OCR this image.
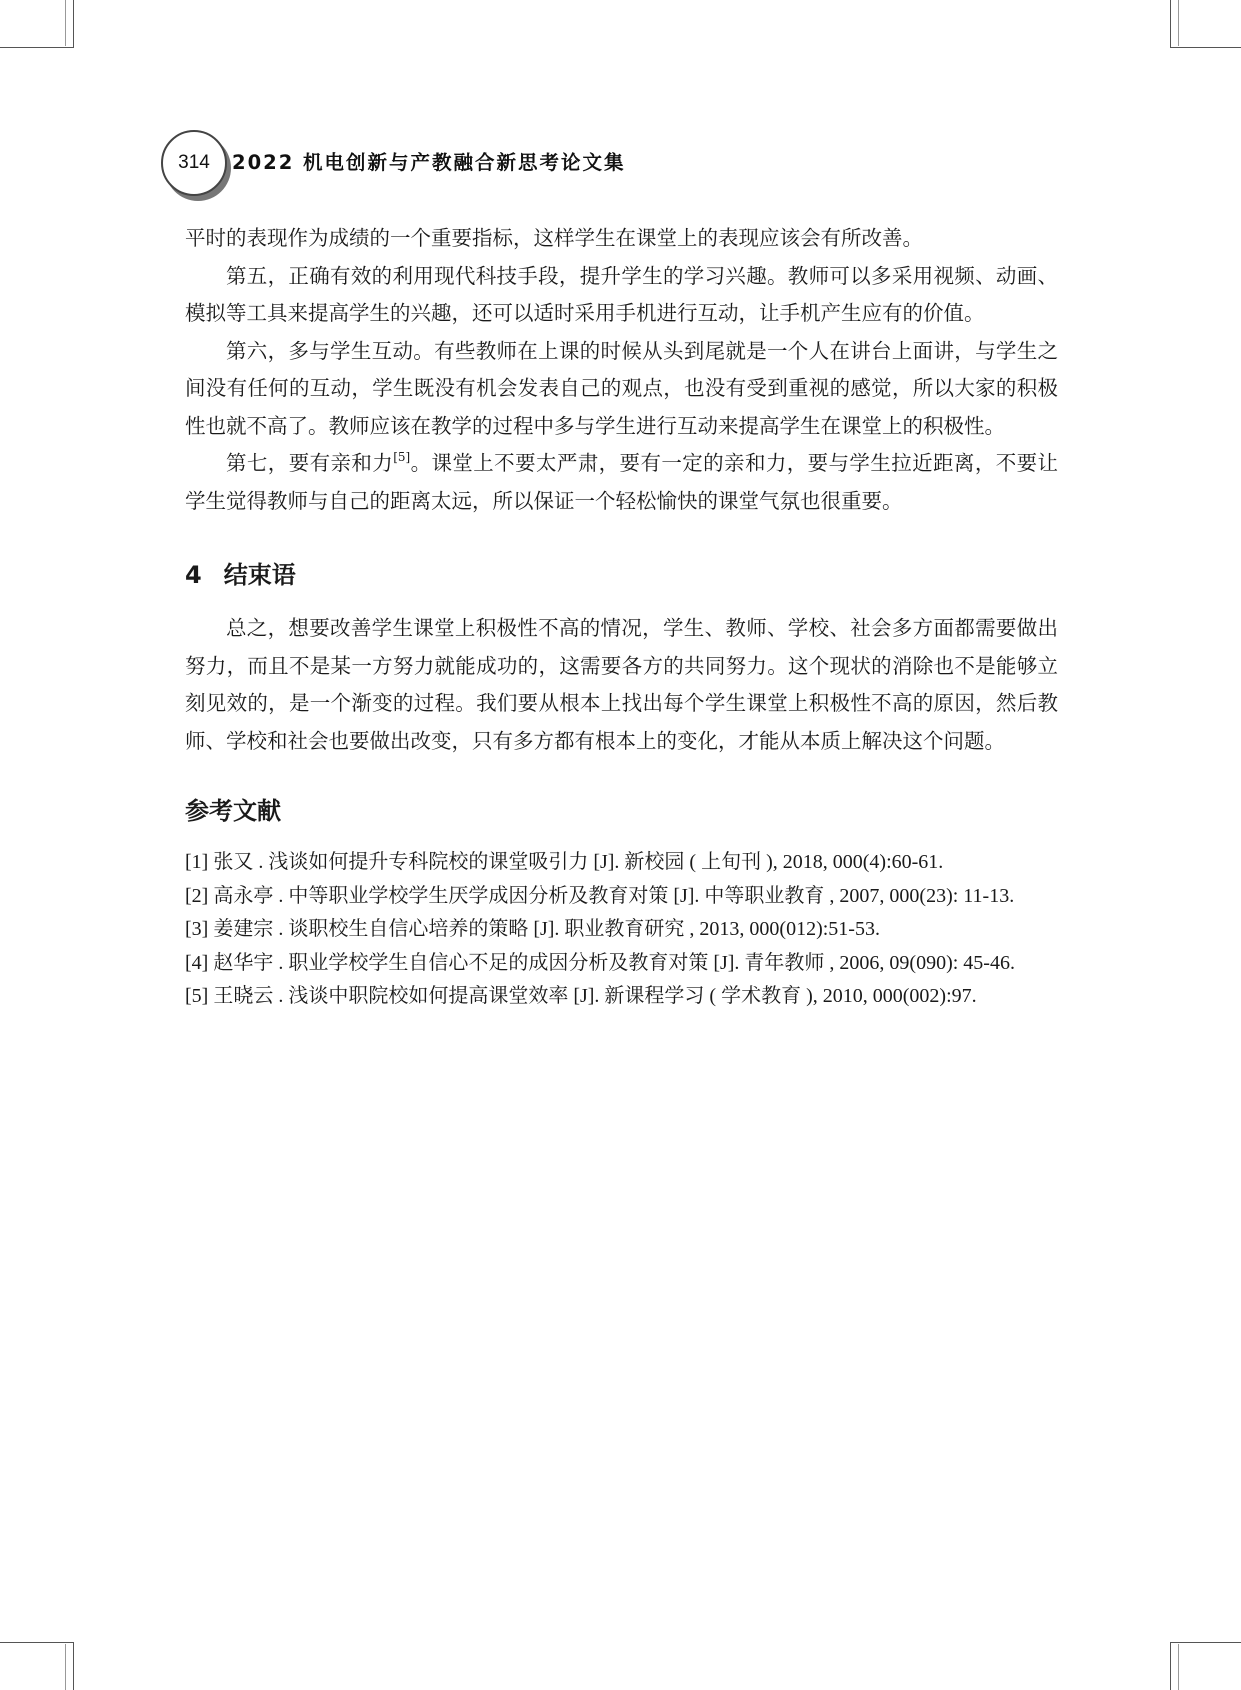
314	2022 机电创新与产教融合新思考论文集

平时的表现作为成绩的一个重要指标，这样学生在课堂上的表现应该会有所改善。

第五，正确有效的利用现代科技手段，提升学生的学习兴趣。教师可以多采用视频、动画、模拟等工具来提高学生的兴趣，还可以适时采用手机进行互动，让手机产生应有的价值。

第六，多与学生互动。有些教师在上课的时候从头到尾就是一个人在讲台上面讲，与学生之间没有任何的互动，学生既没有机会发表自己的观点，也没有受到重视的感觉，所以大家的积极性也就不高了。教师应该在教学的过程中多与学生进行互动来提高学生在课堂上的积极性。

第七，要有亲和力[5]。课堂上不要太严肃，要有一定的亲和力，要与学生拉近距离，不要让学生觉得教师与自己的距离太远，所以保证一个轻松愉快的课堂气氛也很重要。

4 结束语

总之，想要改善学生课堂上积极性不高的情况，学生、教师、学校、社会多方面都需要做出努力，而且不是某一方努力就能成功的，这需要各方的共同努力。这个现状的消除也不是能够立刻见效的，是一个渐变的过程。我们要从根本上找出每个学生课堂上积极性不高的原因，然后教师、学校和社会也要做出改变，只有多方都有根本上的变化，才能从本质上解决这个问题。

参考文献

[1] 张又 . 浅谈如何提升专科院校的课堂吸引力 [J]. 新校园 ( 上旬刊 ), 2018, 000(4):60-61.

[2] 高永亭 . 中等职业学校学生厌学成因分析及教育对策 [J]. 中等职业教育 , 2007, 000(23): 11-13.

[3] 姜建宗 . 谈职校生自信心培养的策略 [J]. 职业教育研究 , 2013, 000(012):51-53.

[4] 赵华宇 . 职业学校学生自信心不足的成因分析及教育对策 [J]. 青年教师 , 2006, 09(090): 45-46.

[5] 王晓云 . 浅谈中职院校如何提高课堂效率 [J]. 新课程学习 ( 学术教育 ), 2010, 000(002):97.
